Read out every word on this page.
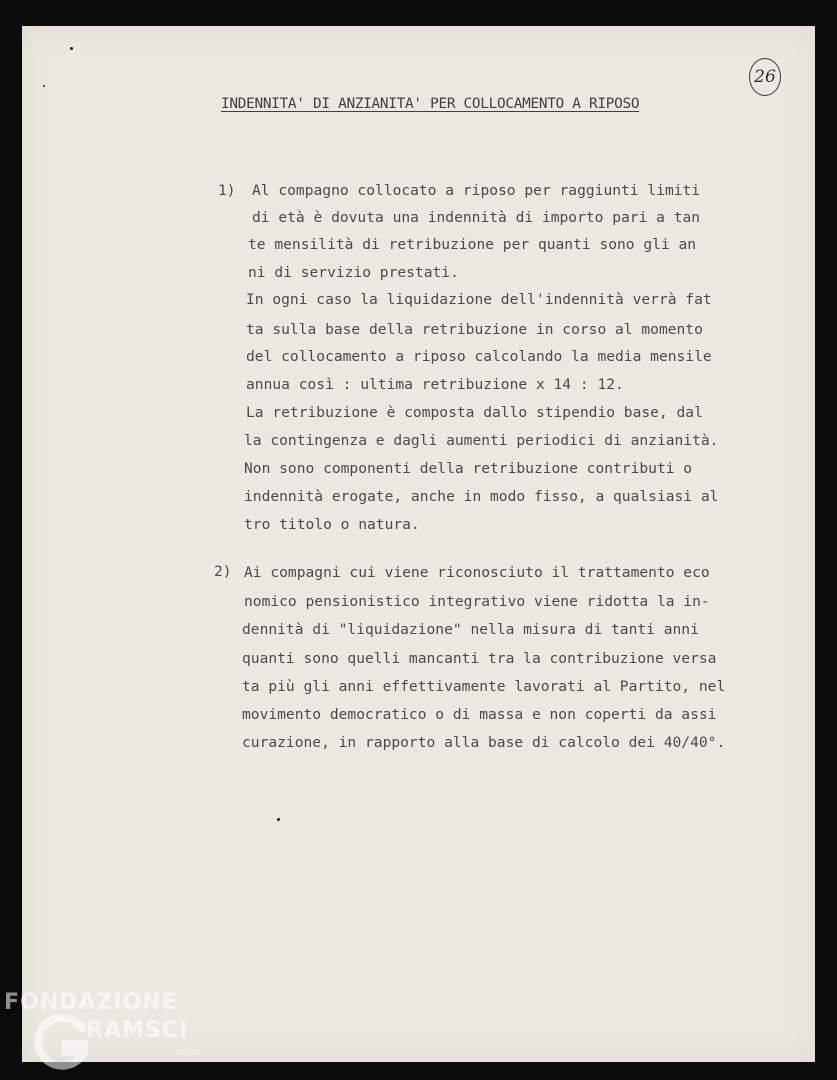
26
INDENNITA' DI ANZIANITA' PER COLLOCAMENTO A RIPOSO
1) Al compagno collocato a riposo per raggiunti limiti
di età è dovuta una indennità di importo pari a tan
te mensilità di retribuzione per quanti sono gli an
ni di servizio prestati.
In ogni caso la liquidazione dell'indennità verrà fat
ta sulla base della retribuzione in corso al momento
del collocamento a riposo calcolando la media mensile
annua così : ultima retribuzione x 14 : 12.
La retribuzione è composta dallo stipendio base, dal
la contingenza e dagli aumenti periodici di anzianità.
Non sono componenti della retribuzione contributi o
indennità erogate, anche in modo fisso, a qualsiasi al
tro titolo o natura.
2) Ai compagni cui viene riconosciuto il trattamento eco
nomico pensionistico integrativo viene ridotta la in-
dennità di "liquidazione" nella misura di tanti anni
quanti sono quelli mancanti tra la contribuzione versa
ta più gli anni effettivamente lavorati al Partito, nel
movimento democratico o di massa e non coperti da assi
curazione, in rapporto alla base di calcolo dei 40/40°.
FONDAZIONE
RAMSCI
onlus
